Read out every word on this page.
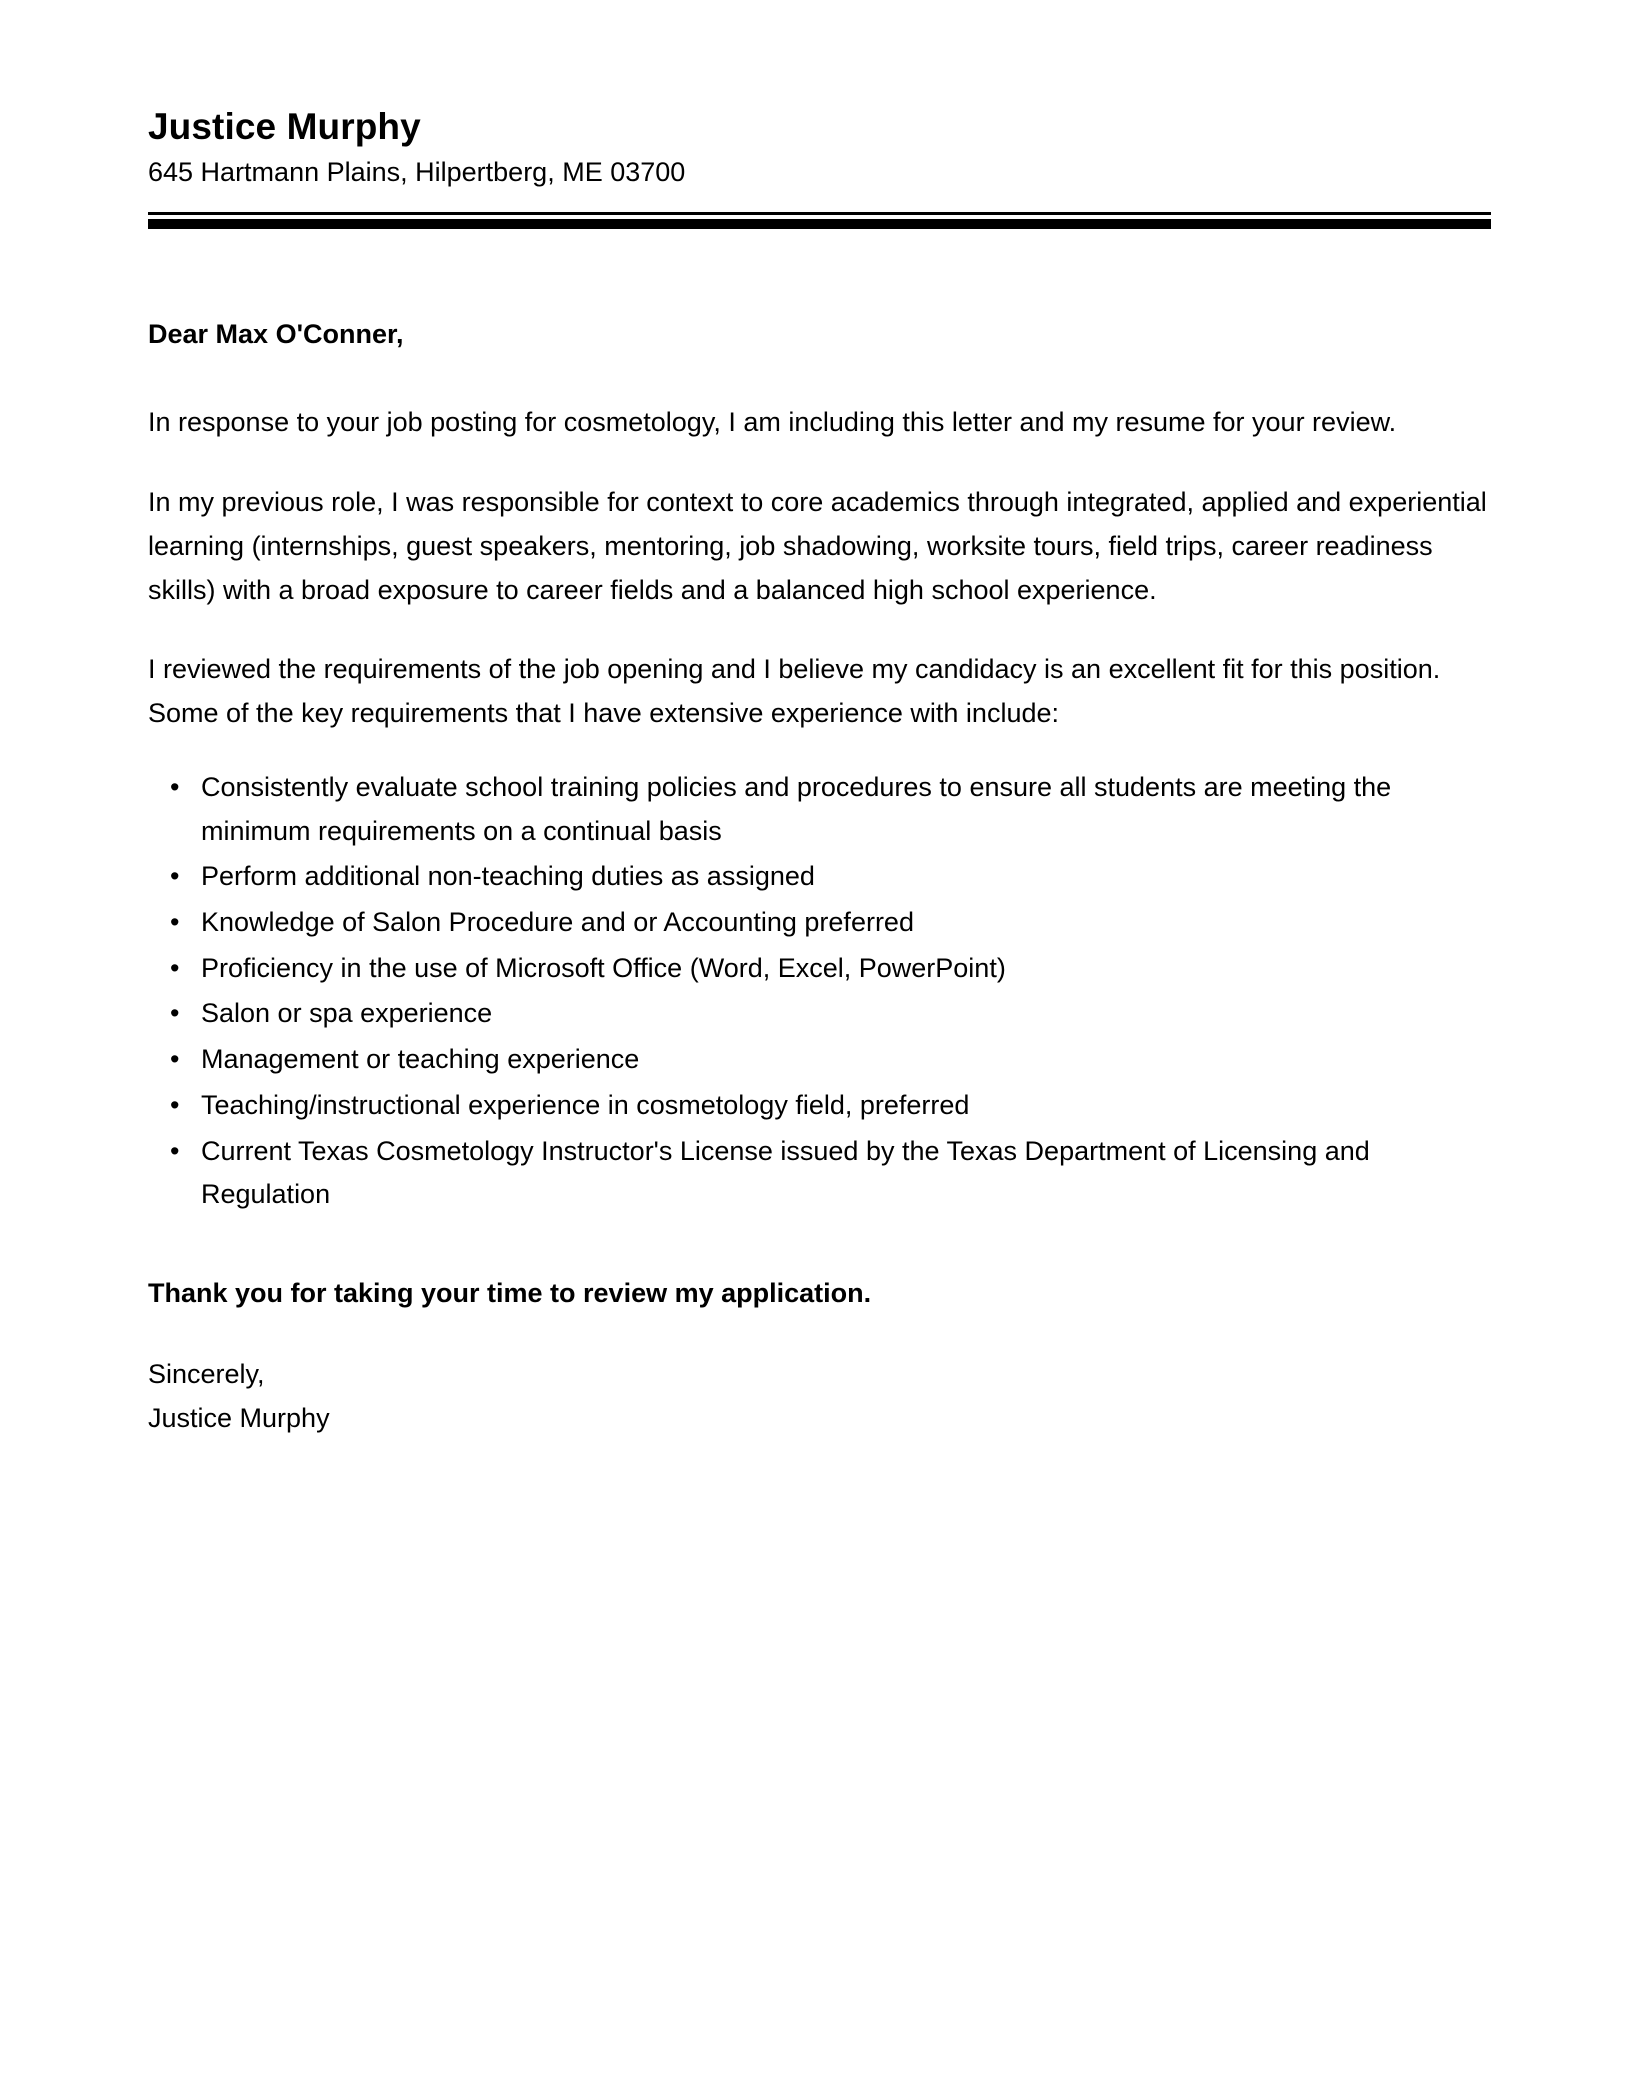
Justice Murphy

645 Hartmann Plains, Hilpertberg, ME 03700

Dear Max O'Conner,

In response to your job posting for cosmetology, I am including this letter and my resume for your review.

In my previous role, I was responsible for context to core academics through integrated, applied and experiential learning (internships, guest speakers, mentoring, job shadowing, worksite tours, field trips, career readiness skills) with a broad exposure to career fields and a balanced high school experience.

I reviewed the requirements of the job opening and I believe my candidacy is an excellent fit for this position. Some of the key requirements that I have extensive experience with include:

• Consistently evaluate school training policies and procedures to ensure all students are meeting the minimum requirements on a continual basis
• Perform additional non-teaching duties as assigned
• Knowledge of Salon Procedure and or Accounting preferred
• Proficiency in the use of Microsoft Office (Word, Excel, PowerPoint)
• Salon or spa experience
• Management or teaching experience
• Teaching/instructional experience in cosmetology field, preferred
• Current Texas Cosmetology Instructor's License issued by the Texas Department of Licensing and Regulation

Thank you for taking your time to review my application.

Sincerely,
Justice Murphy
